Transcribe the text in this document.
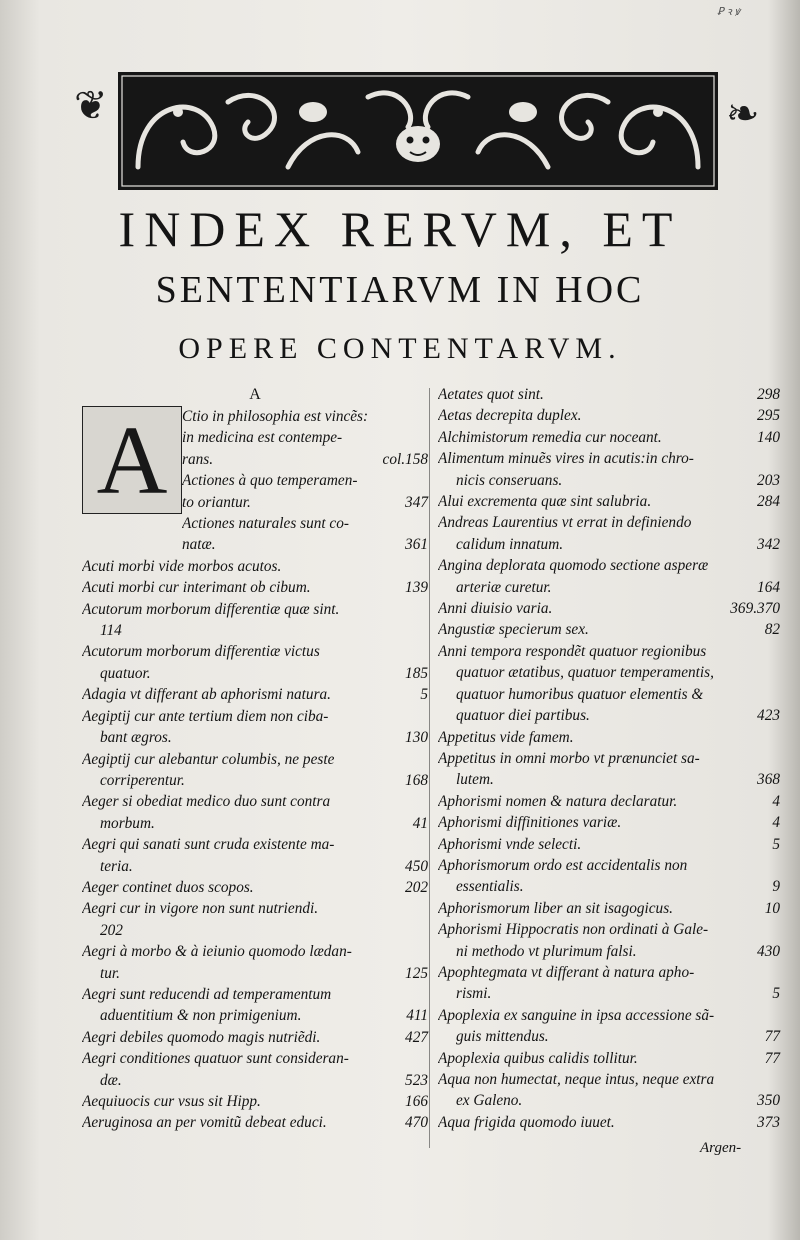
Ꝑ ꝛ ꝟ
❦	❧
INDEX RERVM, ET
SENTENTIARVM IN HOC
OPERE CONTENTARVM.
A
A Ctio in philosophia est vincẽs:
in medicina est contempe-
rans.	col.158
Actiones à quo temperamen-
to oriantur.	347
Actiones naturales sunt co-
natæ.	361
Acuti morbi vide morbos acutos.
Acuti morbi cur interimant ob cibum.	139
Acutorum morborum differentiæ quæ sint.
114
Acutorum morborum differentiæ victus
quatuor.	185
Adagia vt differant ab aphorismi natura.	5
Aegiptij cur ante tertium diem non ciba-
bant ægros.	130
Aegiptij cur alebantur columbis, ne peste
corriperentur.	168
Aeger si obediat medico duo sunt contra
morbum.	41
Aegri qui sanati sunt cruda existente ma-
teria.	450
Aeger continet duos scopos.	202
Aegri cur in vigore non sunt nutriendi.
202
Aegri à morbo & à ieiunio quomodo lædan-
tur.	125
Aegri sunt reducendi ad temperamentum
aduentitium & non primigenium.	411
Aegri debiles quomodo magis nutriẽdi.	427
Aegri conditiones quatuor sunt consideran-
dæ.	523
Aequiuocis cur vsus sit Hipp.	166
Aeruginosa an per vomitũ debeat educi.	470
Aetates quot sint.	298
Aetas decrepita duplex.	295
Alchimistorum remedia cur noceant.	140
Alimentum minuẽs vires in acutis:in chro-
nicis conseruans.	203
Alui excrementa quæ sint salubria.	284
Andreas Laurentius vt errat in definiendo
calidum innatum.	342
Angina deplorata quomodo sectione asperæ
arteriæ curetur.	164
Anni diuisio varia.	369.370
Angustiæ specierum sex.	82
Anni tempora respondẽt quatuor regionibus
quatuor ætatibus, quatuor temperamentis,
quatuor humoribus quatuor elementis &
quatuor diei partibus.	423
Appetitus vide famem.
Appetitus in omni morbo vt prænunciet sa-
lutem.	368
Aphorismi nomen & natura declaratur.	4
Aphorismi diffinitiones variæ.	4
Aphorismi vnde selecti.	5
Aphorismorum ordo est accidentalis non
essentialis.	9
Aphorismorum liber an sit isagogicus.	10
Aphorismi Hippocratis non ordinati à Gale-
ni methodo vt plurimum falsi.	430
Apophtegmata vt differant à natura apho-
rismi.	5
Apoplexia ex sanguine in ipsa accessione sã-
guis mittendus.	77
Apoplexia quibus calidis tollitur.	77
Aqua non humectat, neque intus, neque extra
ex Galeno.	350
Aqua frigida quomodo iuuet.	373
Argen-
